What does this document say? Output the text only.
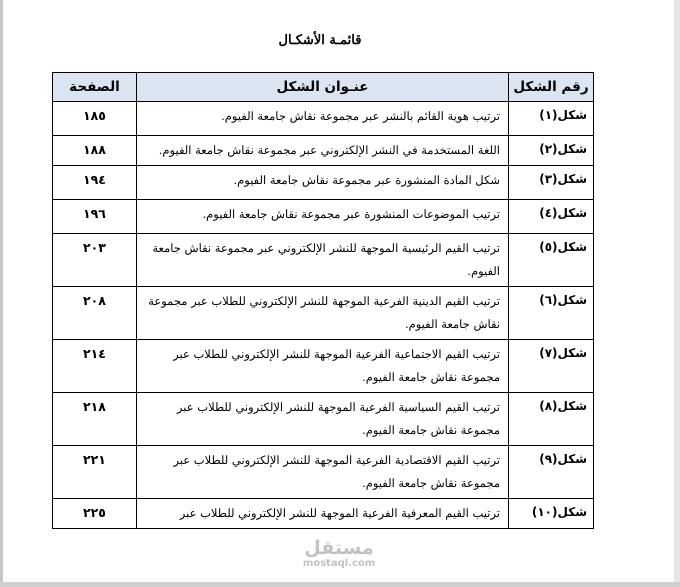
قائمـة الأشكـال
رقم الشكل	عنـوان الشكل	الصفحة
شكل(١)	ترتيب هوية القائم بالنشر عبر مجموعة نقاش جامعة الفيوم.	١٨٥
شكل(٢)	اللغة المستخدمة في النشر الإلكتروني عبر مجموعة نقاش جامعة الفيوم.	١٨٨
شكل(٣)	شكل المادة المنشورة عبر مجموعة نقاش جامعة الفيوم.	١٩٤
شكل(٤)	ترتيب الموضوعات المنشورة عبر مجموعة نقاش جامعة الفيوم.	١٩٦
شكل(٥)	ترتيب القيم الرئيسية الموجهة للنشر الإلكتروني عبر مجموعة نقاش جامعة الفيوم.	٢٠٣
شكل(٦)	ترتيب القيم الدينية الفرعية الموجهة للنشر الإلكتروني للطلاب عبر مجموعة نقاش جامعة الفيوم.	٢٠٨
شكل(٧)	ترتيب القيم الاجتماعية الفرعية الموجهة للنشر الإلكتروني للطلاب عبر مجموعة نقاش جامعة الفيوم.	٢١٤
شكل(٨)	ترتيب القيم السياسية الفرعية الموجهة للنشر الإلكتروني للطلاب عبر مجموعة نقاش جامعة الفيوم.	٢١٨
شكل(٩)	ترتيب القيم الاقتصادية الفرعية الموجهة للنشر الإلكتروني للطلاب عبر مجموعة نقاش جامعة الفيوم.	٢٢١
شكل(١٠)	ترتيب القيم المعرفية الفرعية الموجهة للنشر الإلكتروني للطلاب عبر	٢٢٥
مستقل
mostaql.com
